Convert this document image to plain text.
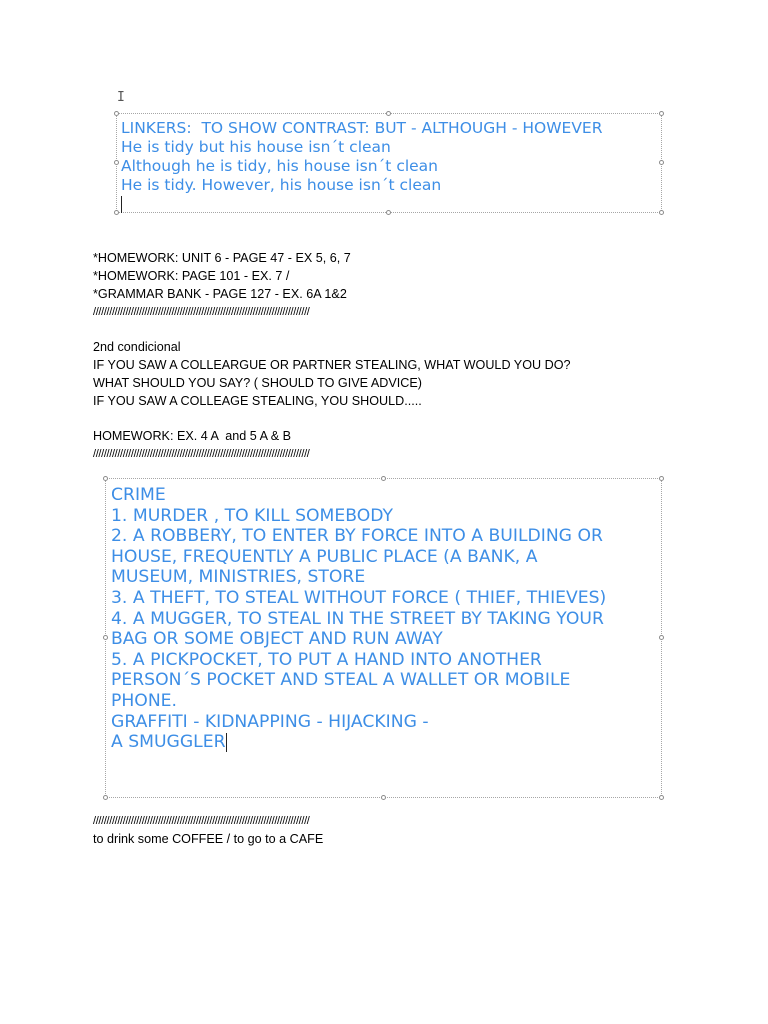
I
LINKERS:  TO SHOW CONTRAST: BUT - ALTHOUGH - HOWEVER
He is tidy but his house isn´t clean
Although he is tidy, his house isn´t clean
He is tidy. However, his house isn´t clean
*HOMEWORK: UNIT 6 - PAGE 47 - EX 5, 6, 7
*HOMEWORK: PAGE 101 - EX. 7 /
*GRAMMAR BANK - PAGE 127 - EX. 6A 1&2
////////////////////////////////////////////////////////////////////////////////
2nd condicional
IF YOU SAW A COLLEARGUE OR PARTNER STEALING, WHAT WOULD YOU DO?
WHAT SHOULD YOU SAY? ( SHOULD TO GIVE ADVICE)
IF YOU SAW A COLLEAGE STEALING, YOU SHOULD.....
HOMEWORK: EX. 4 A  and 5 A & B
////////////////////////////////////////////////////////////////////////////////
CRIME
1. MURDER , TO KILL SOMEBODY
2. A ROBBERY, TO ENTER BY FORCE INTO A BUILDING OR
HOUSE, FREQUENTLY A PUBLIC PLACE (A BANK, A
MUSEUM, MINISTRIES, STORE
3. A THEFT, TO STEAL WITHOUT FORCE ( THIEF, THIEVES)
4. A MUGGER, TO STEAL IN THE STREET BY TAKING YOUR
BAG OR SOME OBJECT AND RUN AWAY
5. A PICKPOCKET, TO PUT A HAND INTO ANOTHER
PERSON´S POCKET AND STEAL A WALLET OR MOBILE
PHONE.
GRAFFITI - KIDNAPPING - HIJACKING -
A SMUGGLER
////////////////////////////////////////////////////////////////////////////////
to drink some COFFEE / to go to a CAFE
